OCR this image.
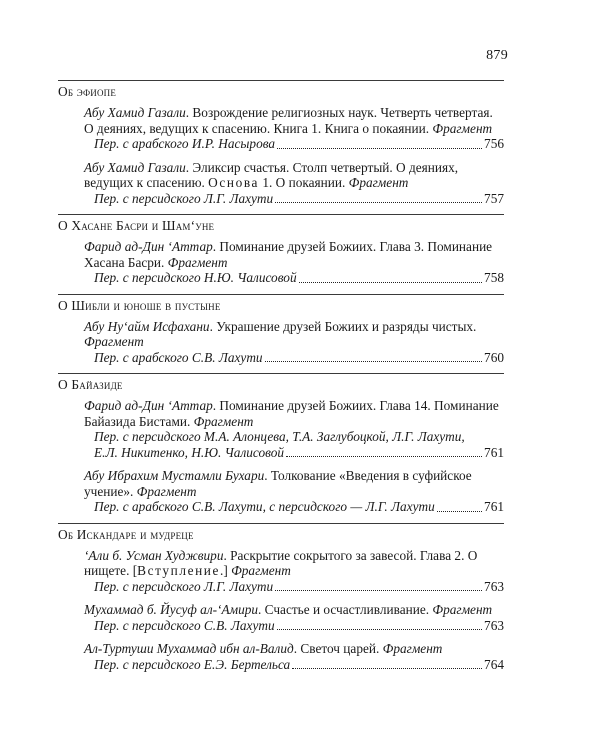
879
Об эфиопе

Абу Хамид Газали. Возрождение религиозных наук. Четверть четвертая. О деяниях, ведущих к спасению. Книга 1. Книга о покаянии. Фрагмент

Пер. с арабского И.Р. Насырова	756

Абу Хамид Газали. Эликсир счастья. Столп четвертый. О деяниях, ведущих к спасению. Основа 1. О покаянии. Фрагмент

Пер. с персидского Л.Г. Лахути	757
О Хасане Басри и Шам‘уне

Фарид ад-Дин ‘Аттар. Поминание друзей Божиих. Глава 3. Поминание Хасана Басри. Фрагмент

Пер. с персидского Н.Ю. Чалисовой	758
О Шибли и юноше в пустыне

Абу Ну‘айм Исфахани. Украшение друзей Божиих и разряды чистых. Фрагмент

Пер. с арабского С.В. Лахути	760
О Байазиде

Фарид ад-Дин ‘Аттар. Поминание друзей Божиих. Глава 14. Поминание Байазида Бистами. Фрагмент

Пер. с персидского М.А. Алонцева, Т.А. Заглубоцкой, Л.Г. Лахути,
Е.Л. Никитенко, Н.Ю. Чалисовой	761

Абу Ибрахим Мустамли Бухари. Толкование «Введения в суфийское учение». Фрагмент

Пер. с арабского С.В. Лахути, с персидского — Л.Г. Лахути	761
Об Искандаре и мудреце

‘Али б. Усман Худжвири. Раскрытие сокрытого за завесой. Глава 2. О нищете. [Вступление.] Фрагмент

Пер. с персидского Л.Г. Лахути	763

Мухаммад б. Йусуф ал-‘Амири. Счастье и осчастливливание. Фрагмент

Пер. с персидского С.В. Лахути	763

Ал-Туртуши Мухаммад ибн ал-Валид. Светоч царей. Фрагмент

Пер. с персидского Е.Э. Бертельса	764
